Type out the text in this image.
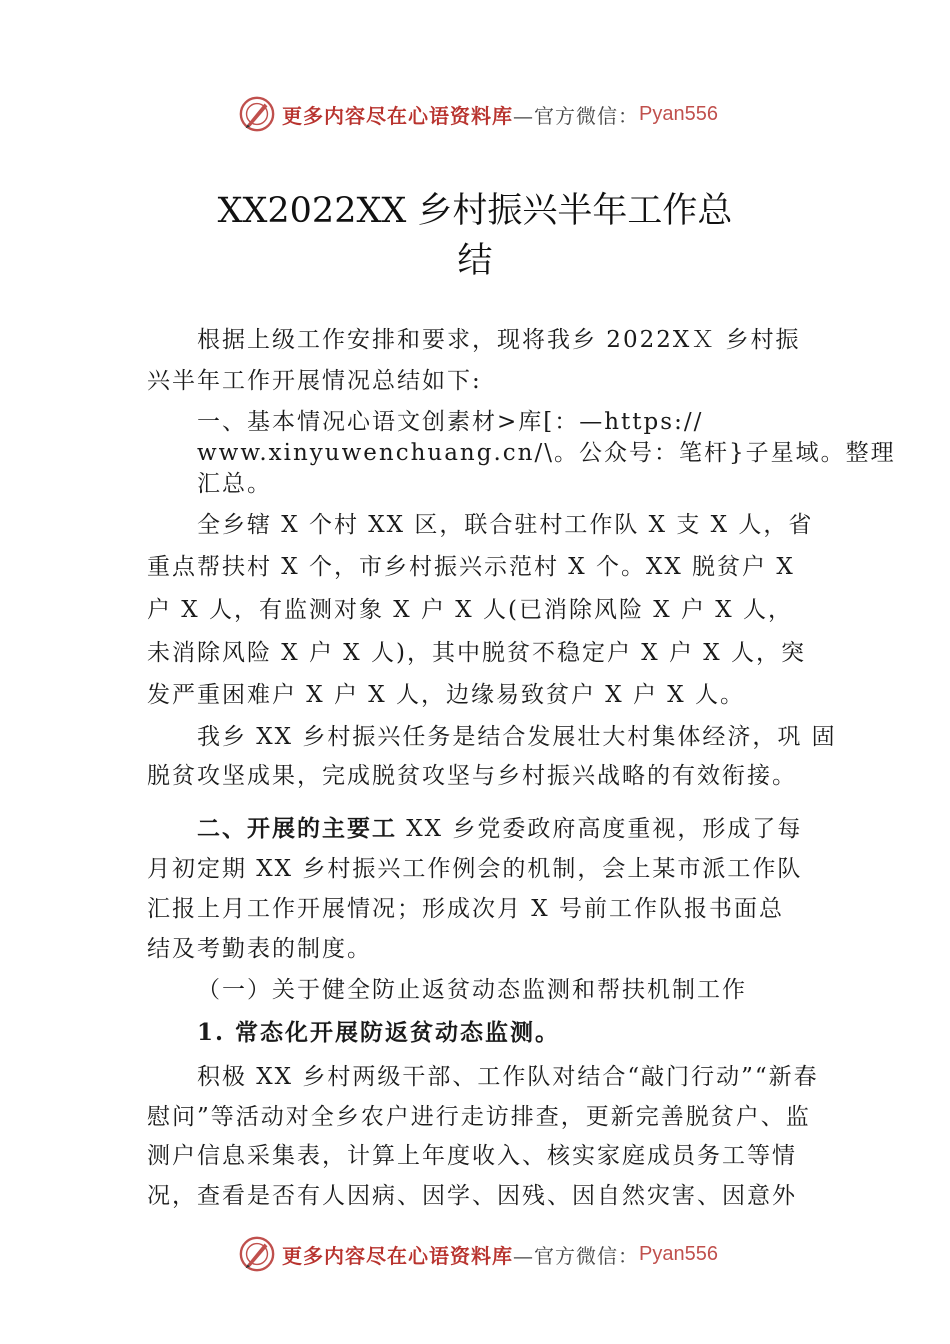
更多内容尽在心语资料库 —官方微信： Pyan556
XX2022XX 乡村振兴半年工作总
结
根据上级工作安排和要求，现将我乡 2022XＸ 乡村振
兴半年工作开展情况总结如下:
一、基本情况心语文创素材>库[：—https://
www.xinyuwenchuang.cn/\。公众号：笔杆}子星域。整理
汇总。
全乡辖 X 个村 XX 区，联合驻村工作队 X 支 X 人，省
重点帮扶村 X 个，市乡村振兴示范村 X 个。XX 脱贫户 X
户 X 人，有监测对象 X 户 X 人(已消除风险 X 户 X 人，
未消除风险 X 户 X 人)，其中脱贫不稳定户 X 户 X 人，突
发严重困难户 X 户 X 人，边缘易致贫户 X 户 X 人。
我乡 XX 乡村振兴任务是结合发展壮大村集体经济，巩 固
脱贫攻坚成果，完成脱贫攻坚与乡村振兴战略的有效衔接。
二、开展的主要工 XX 乡党委政府高度重视，形成了每
月初定期 XX 乡村振兴工作例会的机制，会上某市派工作队
汇报上月工作开展情况；形成次月 X 号前工作队报书面总
结及考勤表的制度。
（一）关于健全防止返贫动态监测和帮扶机制工作
1. 常态化开展防返贫动态监测。
积极 XX 乡村两级干部、工作队对结合“敲门行动”“新春
慰问”等活动对全乡农户进行走访排查，更新完善脱贫户、监
测户信息采集表，计算上年度收入、核实家庭成员务工等情
况，查看是否有人因病、因学、因残、因自然灾害、因意外
更多内容尽在心语资料库 —官方微信： Pyan556
